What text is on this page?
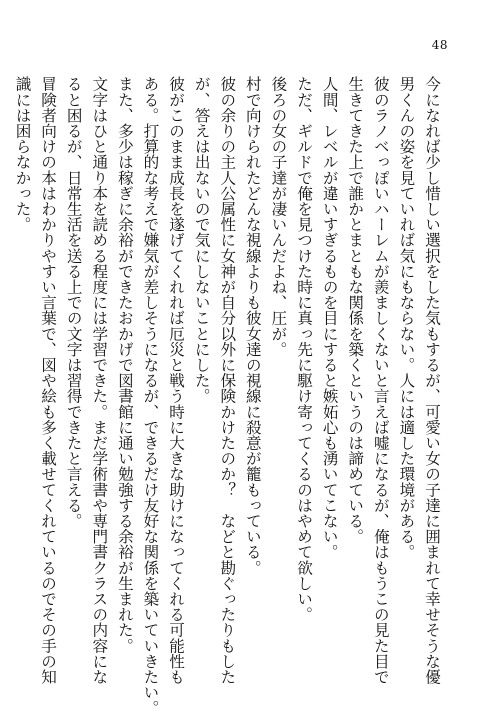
48
今になれば少し惜しい選択をした気もするが、可愛い女の子達に囲まれて幸せそうな優
男くんの姿を見ていれば気にもならない。人には適した環境がある。
彼のラノベっぽいハーレムが羨ましくないと言えば嘘になるが、俺はもうこの見た目で
生きてきた上で誰かとまともな関係を築くというのは諦めている。
人間、レベルが違いすぎるものを目にすると嫉妬心も湧いてこない。
ただ、ギルドで俺を見つけた時に真っ先に駆け寄ってくるのはやめて欲しい。
後ろの女の子達が凄いんだよね、圧が。
村で向けられたどんな視線よりも彼女達の視線に殺意が籠もっている。
彼の余りの主人公属性に女神が自分以外に保険かけたのか？　などと勘ぐったりもした
が、答えは出ないので気にしないことにした。
彼がこのまま成長を遂げてくれれば厄災と戦う時に大きな助けになってくれる可能性も
ある。打算的な考えで嫌気が差しそうになるが、できるだけ友好な関係を築いていきたい。
また、多少は稼ぎに余裕ができたおかげで図書館に通い勉強する余裕が生まれた。
文字はひと通り本を読める程度には学習できた。まだ学術書や専門書クラスの内容にな
ると困るが、日常生活を送る上での文字は習得できたと言える。
冒険者向けの本はわかりやすい言葉で、図や絵も多く載せてくれているのでその手の知
識には困らなかった。
